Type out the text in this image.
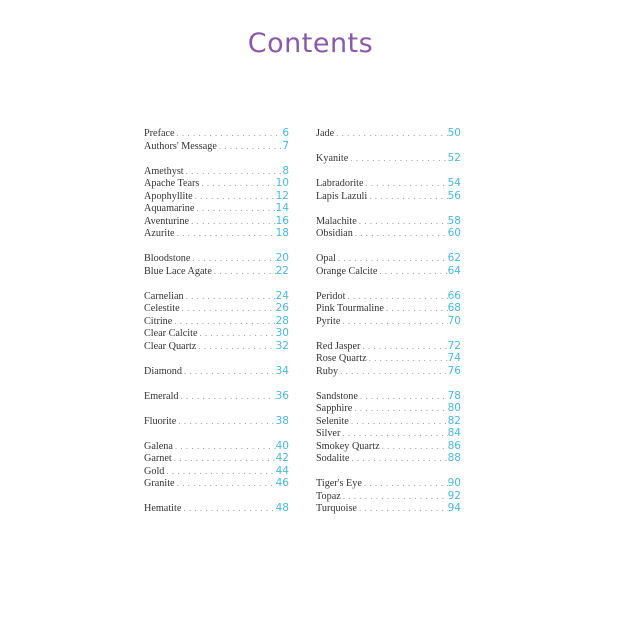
Contents
Preface . . .	6
Authors' Message . . .	7
Amethyst . . .	8
Apache Tears . . .	10
Apophyllite . . .	12
Aquamarine . . .	14
Aventurine . . .	16
Azurite . . .	18
Bloodstone . . .	20
Blue Lace Agate . . .	22
Carnelian . . .	24
Celestite . . .	26
Citrine . . .	28
Clear Calcite . . .	30
Clear Quartz . . .	32
Diamond . . .	34
Emerald . . .	36
Fluorite . . .	38
Galena . . .	40
Garnet . . .	42
Gold . . .	44
Granite . . .	46
Hematite . . .	48
Jade . . .	50
Kyanite . . .	52
Labradorite . . .	54
Lapis Lazuli . . .	56
Malachite . . .	58
Obsidian . . .	60
Opal . . .	62
Orange Calcite . . .	64
Peridot . . .	66
Pink Tourmaline . . .	68
Pyrite . . .	70
Red Jasper . . .	72
Rose Quartz . . .	74
Ruby . . .	76
Sandstone . . .	78
Sapphire . . .	80
Selenite . . .	82
Silver . . .	84
Smokey Quartz . . .	86
Sodalite . . .	88
Tiger's Eye . . .	90
Topaz . . .	92
Turquoise . . .	94
